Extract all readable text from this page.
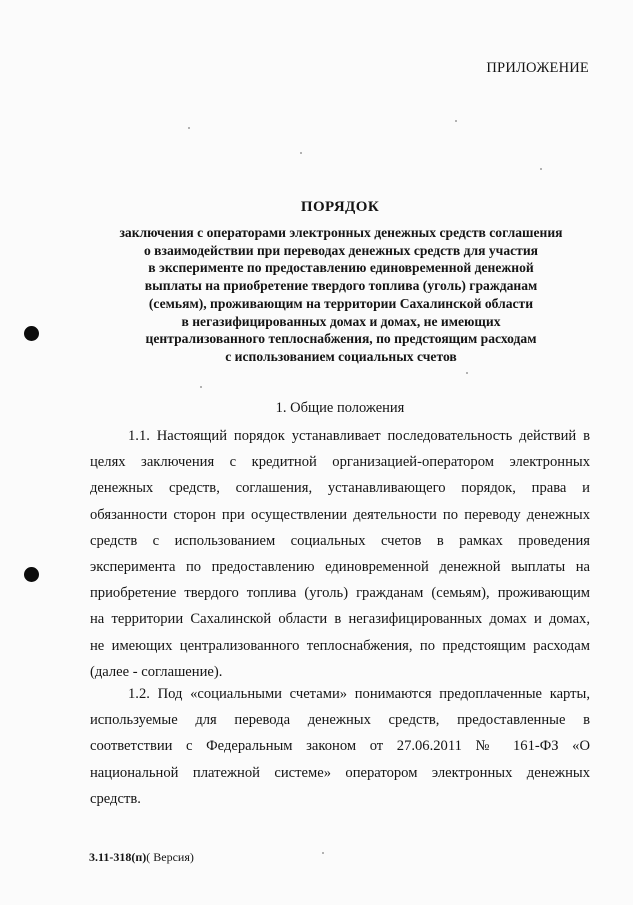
ПРИЛОЖЕНИЕ
ПОРЯДОК
заключения с операторами электронных денежных средств соглашения
о взаимодействии при переводах денежных средств для участия
в эксперименте по предоставлению единовременной денежной
выплаты на приобретение твердого топлива (уголь) гражданам
(семьям), проживающим на территории Сахалинской области
в негазифицированных домах и домах, не имеющих
централизованного теплоснабжения, по предстоящим расходам
с использованием социальных счетов
1. Общие положения
1.1. Настоящий порядок устанавливает последовательность действий в
целях заключения с кредитной организацией-оператором электронных
денежных средств, соглашения, устанавливающего порядок, права и
обязанности сторон при осуществлении деятельности по переводу денежных
средств с использованием социальных счетов в рамках проведения
эксперимента по предоставлению единовременной денежной выплаты на
приобретение твердого топлива (уголь) гражданам (семьям), проживающим
на территории Сахалинской области в негазифицированных домах и домах,
не имеющих централизованного теплоснабжения, по предстоящим расходам
(далее - соглашение).
1.2. Под «социальными счетами» понимаются предоплаченные карты,
используемые для перевода денежных средств, предоставленные в
соответствии с Федеральным законом от 27.06.2011 № 161-ФЗ «О
национальной платежной системе» оператором электронных денежных
средств.
3.11-318(п)( Версия)
